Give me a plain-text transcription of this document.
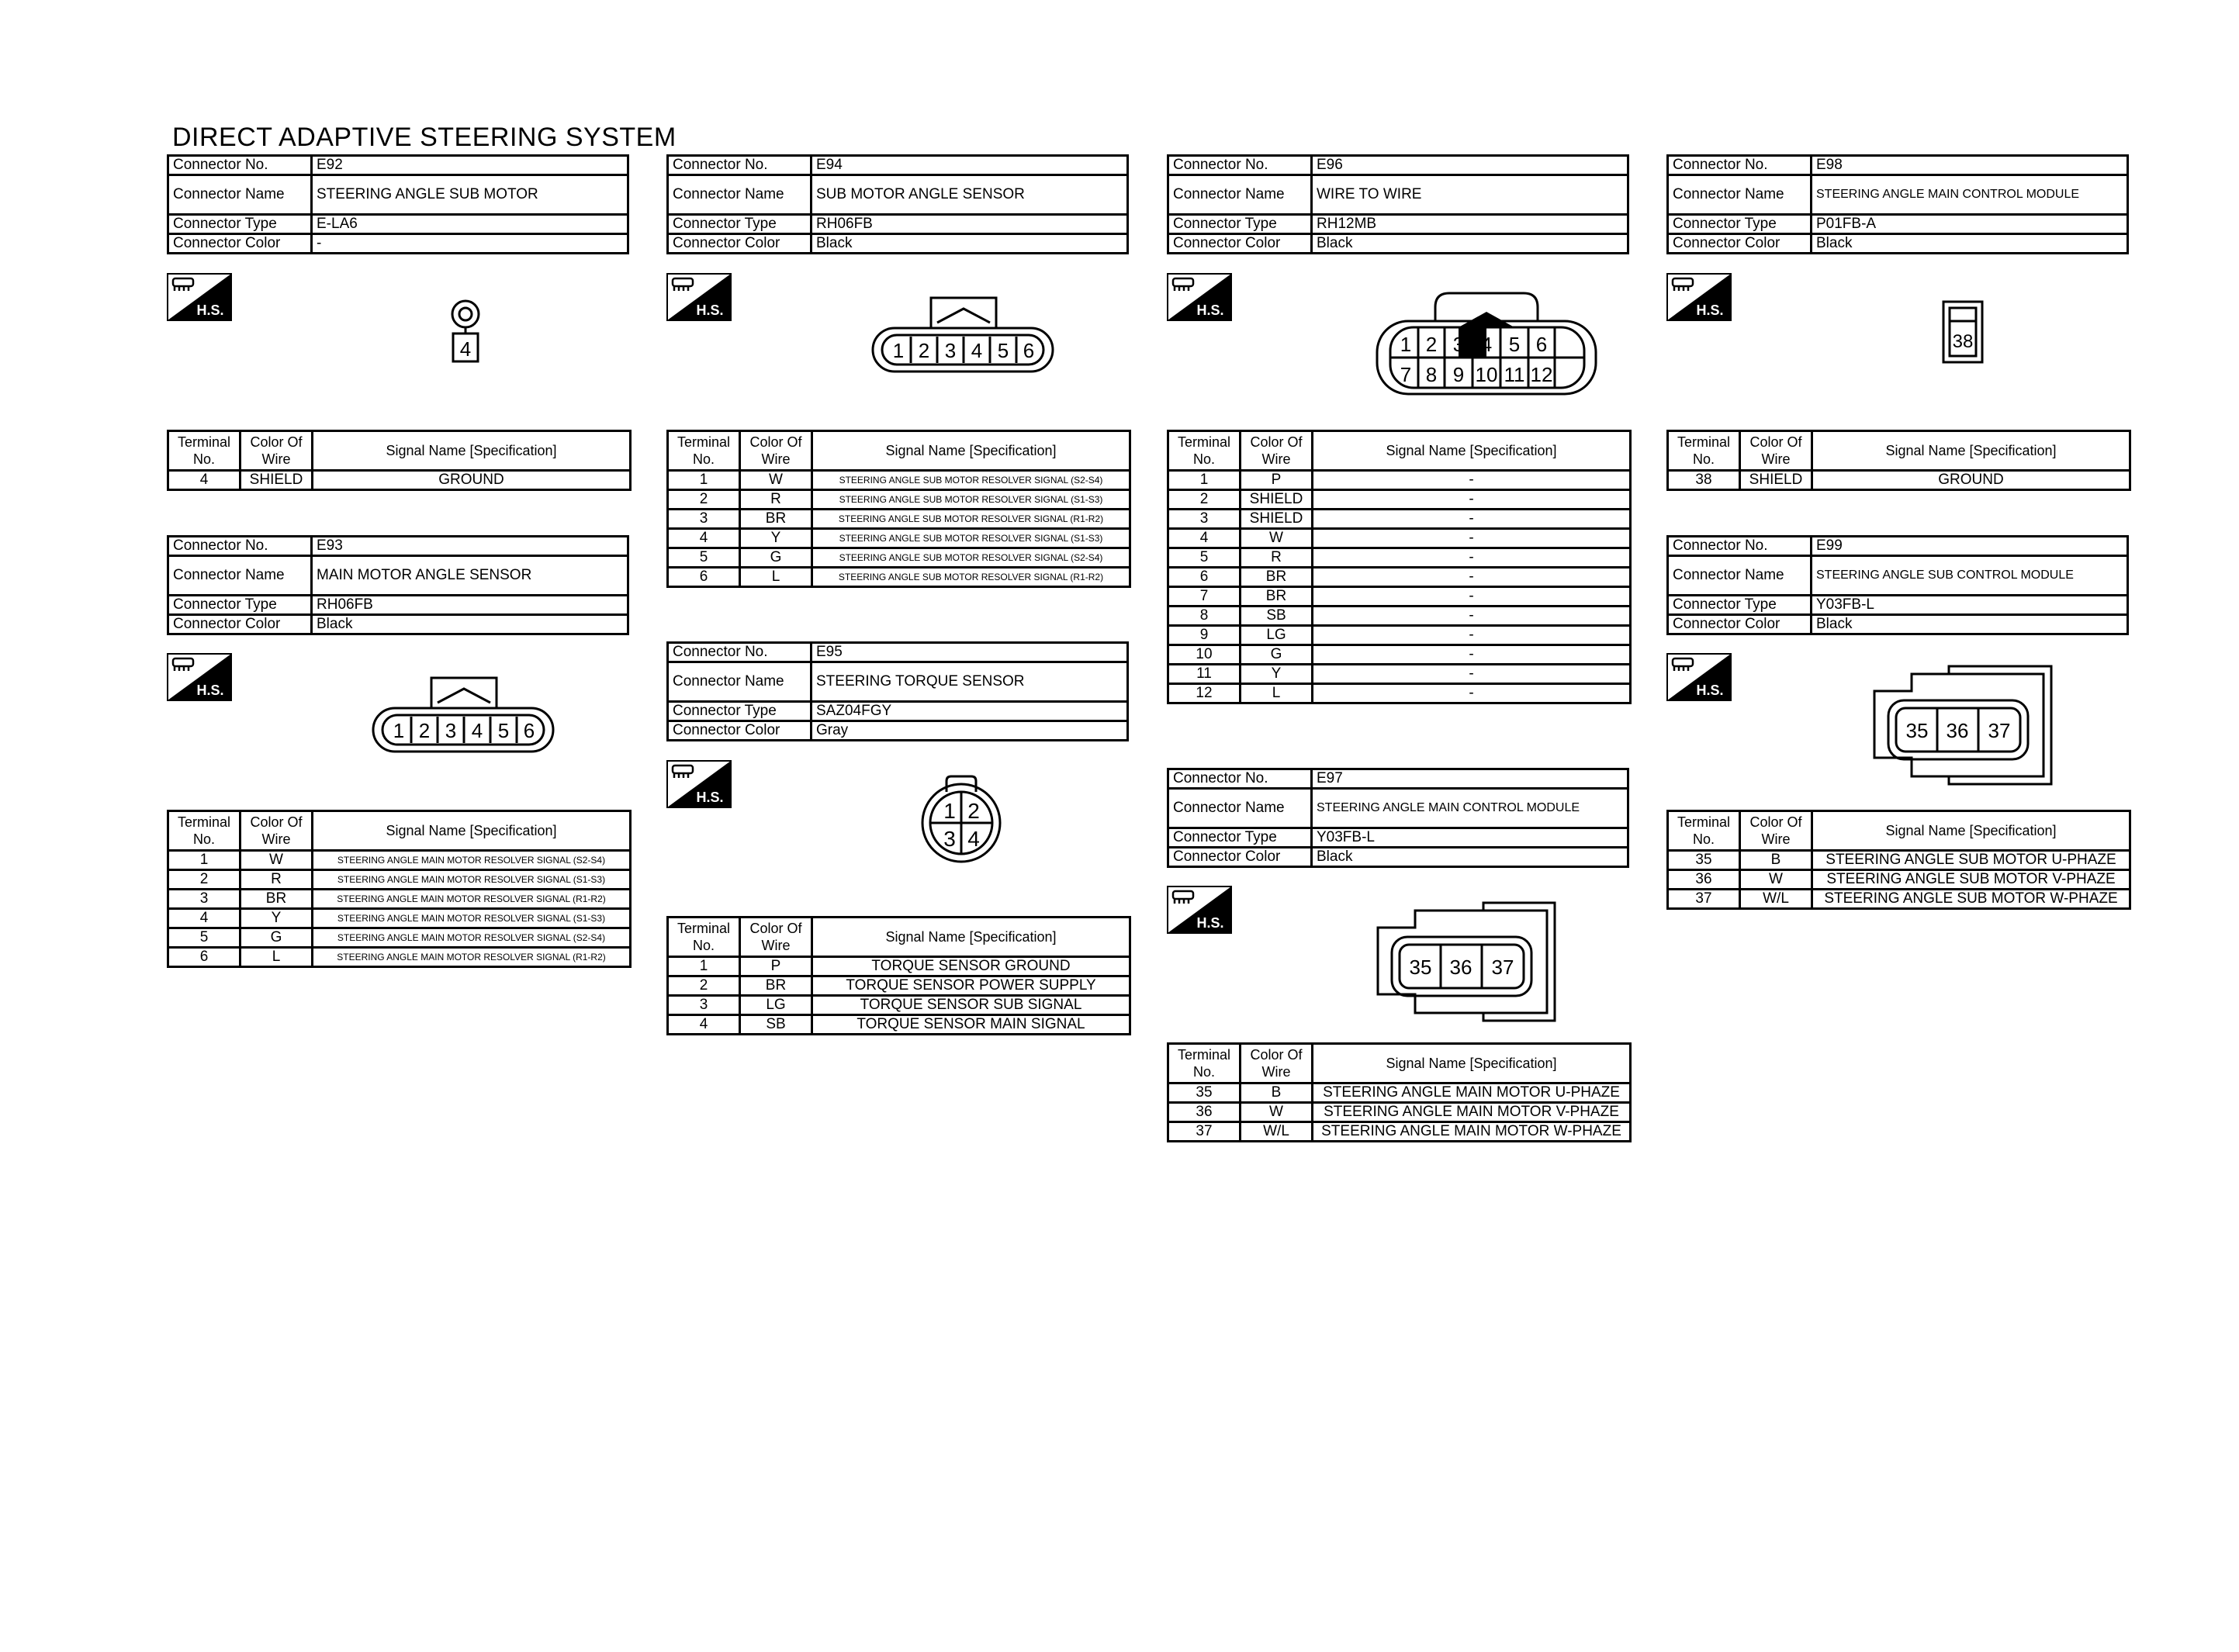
DIRECT ADAPTIVE STEERING SYSTEM
Connector No.	E92
Connector Name	STEERING ANGLE SUB MOTOR
Connector Type	E-LA6
Connector Color	-
Connector No.	E93
Connector Name	MAIN MOTOR ANGLE SENSOR
Connector Type	RH06FB
Connector Color	Black
Connector No.	E94
Connector Name	SUB MOTOR ANGLE SENSOR
Connector Type	RH06FB
Connector Color	Black
Connector No.	E95
Connector Name	STEERING TORQUE SENSOR
Connector Type	SAZ04FGY
Connector Color	Gray
Connector No.	E96
Connector Name	WIRE TO WIRE
Connector Type	RH12MB
Connector Color	Black
Connector No.	E97
Connector Name	STEERING ANGLE MAIN CONTROL MODULE
Connector Type	Y03FB-L
Connector Color	Black
Connector No.	E98
Connector Name	STEERING ANGLE MAIN CONTROL MODULE
Connector Type	P01FB-A
Connector Color	Black
Connector No.	E99
Connector Name	STEERING ANGLE SUB CONTROL MODULE
Connector Type	Y03FB-L
Connector Color	Black
Terminal No.	Color Of Wire	Signal Name [Specification]
4	SHIELD	GROUND
Terminal No.	Color Of Wire	Signal Name [Specification]
1	W	STEERING ANGLE MAIN MOTOR RESOLVER SIGNAL (S2-S4)
2	R	STEERING ANGLE MAIN MOTOR RESOLVER SIGNAL (S1-S3)
3	BR	STEERING ANGLE MAIN MOTOR RESOLVER SIGNAL (R1-R2)
4	Y	STEERING ANGLE MAIN MOTOR RESOLVER SIGNAL (S1-S3)
5	G	STEERING ANGLE MAIN MOTOR RESOLVER SIGNAL (S2-S4)
6	L	STEERING ANGLE MAIN MOTOR RESOLVER SIGNAL (R1-R2)
Terminal No.	Color Of Wire	Signal Name [Specification]
1	W	STEERING ANGLE SUB MOTOR RESOLVER SIGNAL (S2-S4)
2	R	STEERING ANGLE SUB MOTOR RESOLVER SIGNAL (S1-S3)
3	BR	STEERING ANGLE SUB MOTOR RESOLVER SIGNAL (R1-R2)
4	Y	STEERING ANGLE SUB MOTOR RESOLVER SIGNAL (S1-S3)
5	G	STEERING ANGLE SUB MOTOR RESOLVER SIGNAL (S2-S4)
6	L	STEERING ANGLE SUB MOTOR RESOLVER SIGNAL (R1-R2)
Terminal No.	Color Of Wire	Signal Name [Specification]
1	P	TORQUE SENSOR GROUND
2	BR	TORQUE SENSOR POWER SUPPLY
3	LG	TORQUE SENSOR SUB SIGNAL
4	SB	TORQUE SENSOR MAIN SIGNAL
Terminal No.	Color Of Wire	Signal Name [Specification]
1	P	-
2	SHIELD	-
3	SHIELD	-
4	W	-
5	R	-
6	BR	-
7	BR	-
8	SB	-
9	LG	-
10	G	-
11	Y	-
12	L	-
Terminal No.	Color Of Wire	Signal Name [Specification]
35	B	STEERING ANGLE MAIN MOTOR U-PHAZE
36	W	STEERING ANGLE MAIN MOTOR V-PHAZE
37	W/L	STEERING ANGLE MAIN MOTOR W-PHAZE
Terminal No.	Color Of Wire	Signal Name [Specification]
38	SHIELD	GROUND
Terminal No.	Color Of Wire	Signal Name [Specification]
35	B	STEERING ANGLE SUB MOTOR U-PHAZE
36	W	STEERING ANGLE SUB MOTOR V-PHAZE
37	W/L	STEERING ANGLE SUB MOTOR W-PHAZE
H.S.
H.S.
H.S.
H.S.
H.S.
H.S.
H.S.
H.S.
4	1 2 3 4 5 6
1 2 3 4 5 6
1 2
3 4
1 2 3 4 5 6
7 8 9 10 11 12
35 36 37
38
35 36 37
